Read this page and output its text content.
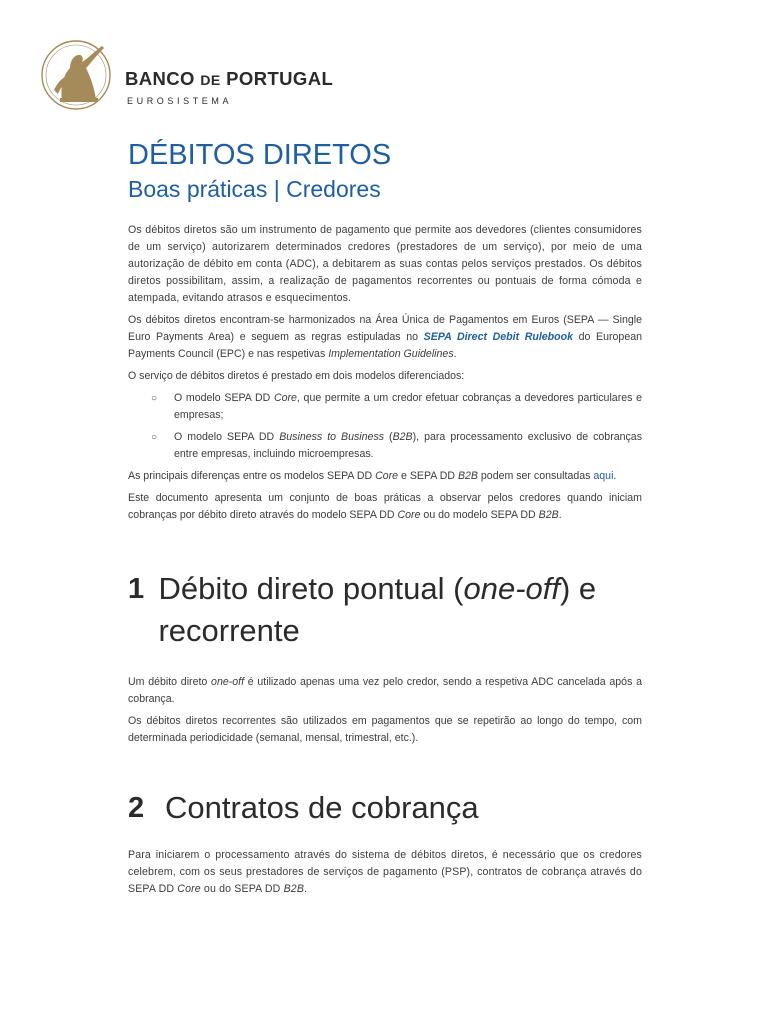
BANCO DE PORTUGAL
EUROSISTEMA
DÉBITOS DIRETOS
Boas práticas | Credores

Os débitos diretos são um instrumento de pagamento que permite aos devedores (clientes consumidores de um serviço) autorizarem determinados credores (prestadores de um serviço), por meio de uma autorização de débito em conta (ADC), a debitarem as suas contas pelos serviços prestados. Os débitos diretos possibilitam, assim, a realização de pagamentos recorrentes ou pontuais de forma cómoda e atempada, evitando atrasos e esquecimentos.

Os débitos diretos encontram-se harmonizados na Área Única de Pagamentos em Euros (SEPA — Single Euro Payments Area) e seguem as regras estipuladas no SEPA Direct Debit Rulebook do European Payments Council (EPC) e nas respetivas Implementation Guidelines.

O serviço de débitos diretos é prestado em dois modelos diferenciados:

○ O modelo SEPA DD Core, que permite a um credor efetuar cobranças a devedores particulares e empresas;
○ O modelo SEPA DD Business to Business (B2B), para processamento exclusivo de cobranças entre empresas, incluindo microempresas.

As principais diferenças entre os modelos SEPA DD Core e SEPA DD B2B podem ser consultadas aqui.

Este documento apresenta um conjunto de boas práticas a observar pelos credores quando iniciam cobranças por débito direto através do modelo SEPA DD Core ou do modelo SEPA DD B2B.

1 Débito direto pontual (one-off) e recorrente

Um débito direto one-off é utilizado apenas uma vez pelo credor, sendo a respetiva ADC cancelada após a cobrança.

Os débitos diretos recorrentes são utilizados em pagamentos que se repetirão ao longo do tempo, com determinada periodicidade (semanal, mensal, trimestral, etc.).

2 Contratos de cobrança

Para iniciarem o processamento através do sistema de débitos diretos, é necessário que os credores celebrem, com os seus prestadores de serviços de pagamento (PSP), contratos de cobrança através do SEPA DD Core ou do SEPA DD B2B.
